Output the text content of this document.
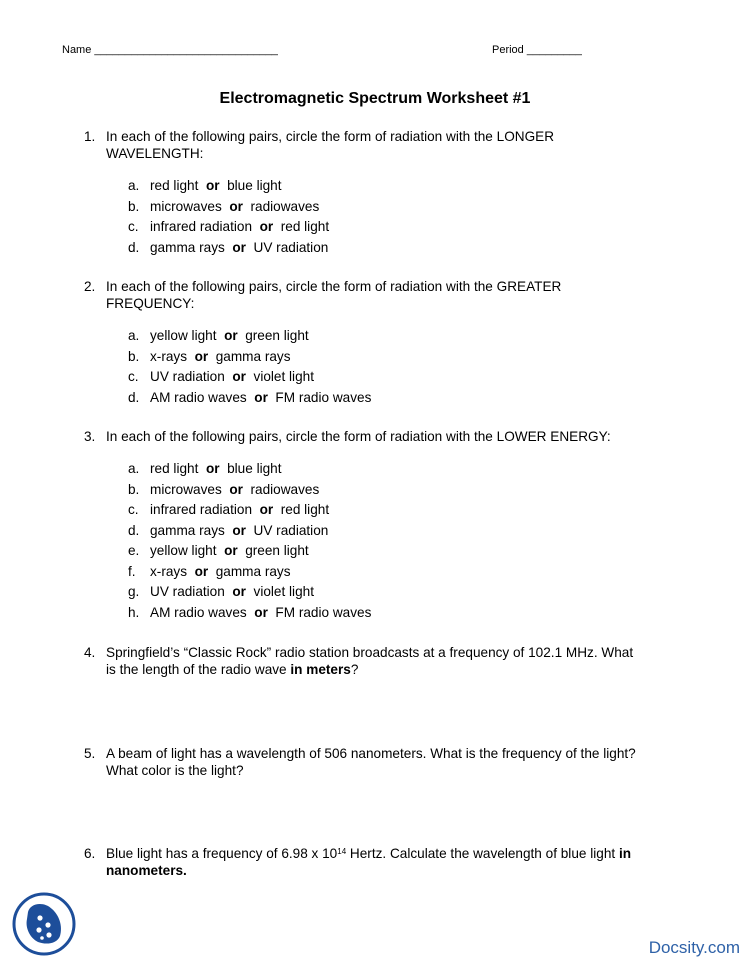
Name ______________________________	Period _________
Electromagnetic Spectrum Worksheet #1
1. In each of the following pairs, circle the form of radiation with the LONGER
WAVELENGTH:
a. red light or blue light
b. microwaves or radiowaves
c. infrared radiation or red light
d. gamma rays or UV radiation
2. In each of the following pairs, circle the form of radiation with the GREATER
FREQUENCY:
a. yellow light or green light
b. x-rays or gamma rays
c. UV radiation or violet light
d. AM radio waves or FM radio waves
3. In each of the following pairs, circle the form of radiation with the LOWER ENERGY:
a. red light or blue light
b. microwaves or radiowaves
c. infrared radiation or red light
d. gamma rays or UV radiation
e. yellow light or green light
f. x-rays or gamma rays
g. UV radiation or violet light
h. AM radio waves or FM radio waves
4. Springfield’s “Classic Rock” radio station broadcasts at a frequency of 102.1 MHz. What
is the length of the radio wave in meters?
5. A beam of light has a wavelength of 506 nanometers. What is the frequency of the light?
What color is the light?
6. Blue light has a frequency of 6.98 x $10^{14}$ Hertz. Calculate the wavelength of blue light in
nanometers.
Docsity.com
